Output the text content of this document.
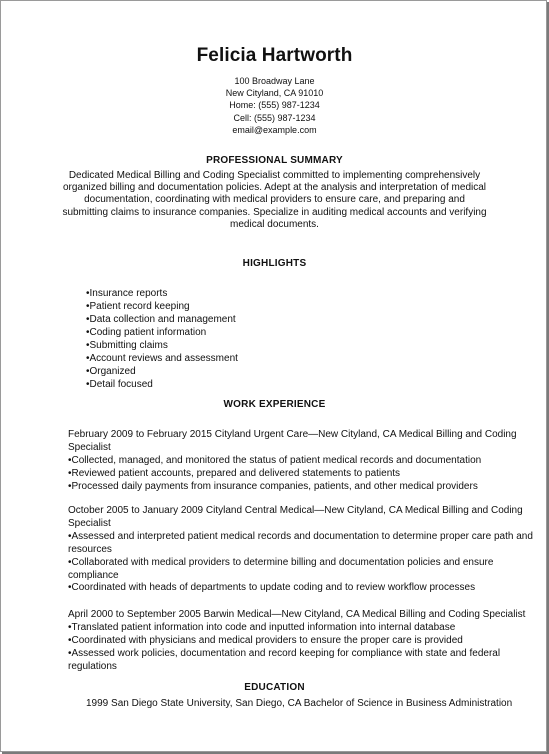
Felicia Hartworth
100 Broadway Lane
New Cityland, CA 91010
Home: (555) 987-1234
Cell: (555) 987-1234
email@example.com
PROFESSIONAL SUMMARY
Dedicated Medical Billing and Coding Specialist committed to implementing comprehensively organized billing and documentation policies. Adept at the analysis and interpretation of medical documentation, coordinating with medical providers to ensure care, and preparing and submitting claims to insurance companies. Specialize in auditing medical accounts and verifying medical documents.
HIGHLIGHTS
•Insurance reports
•Patient record keeping
•Data collection and management
•Coding patient information
•Submitting claims
•Account reviews and assessment
•Organized
•Detail focused
WORK EXPERIENCE
February 2009 to February 2015 Cityland Urgent Care—New Cityland, CA Medical Billing and Coding Specialist
•Collected, managed, and monitored the status of patient medical records and documentation
•Reviewed patient accounts, prepared and delivered statements to patients
•Processed daily payments from insurance companies, patients, and other medical providers
October 2005 to January 2009 Cityland Central Medical—New Cityland, CA Medical Billing and Coding Specialist
•Assessed and interpreted patient medical records and documentation to determine proper care path and resources
•Collaborated with medical providers to determine billing and documentation policies and ensure compliance
•Coordinated with heads of departments to update coding and to review workflow processes
April 2000 to September 2005 Barwin Medical—New Cityland, CA Medical Billing and Coding Specialist
•Translated patient information into code and inputted information into internal database
•Coordinated with physicians and medical providers to ensure the proper care is provided
•Assessed work policies, documentation and record keeping for compliance with state and federal regulations
EDUCATION
1999 San Diego State University, San Diego, CA Bachelor of Science in Business Administration
